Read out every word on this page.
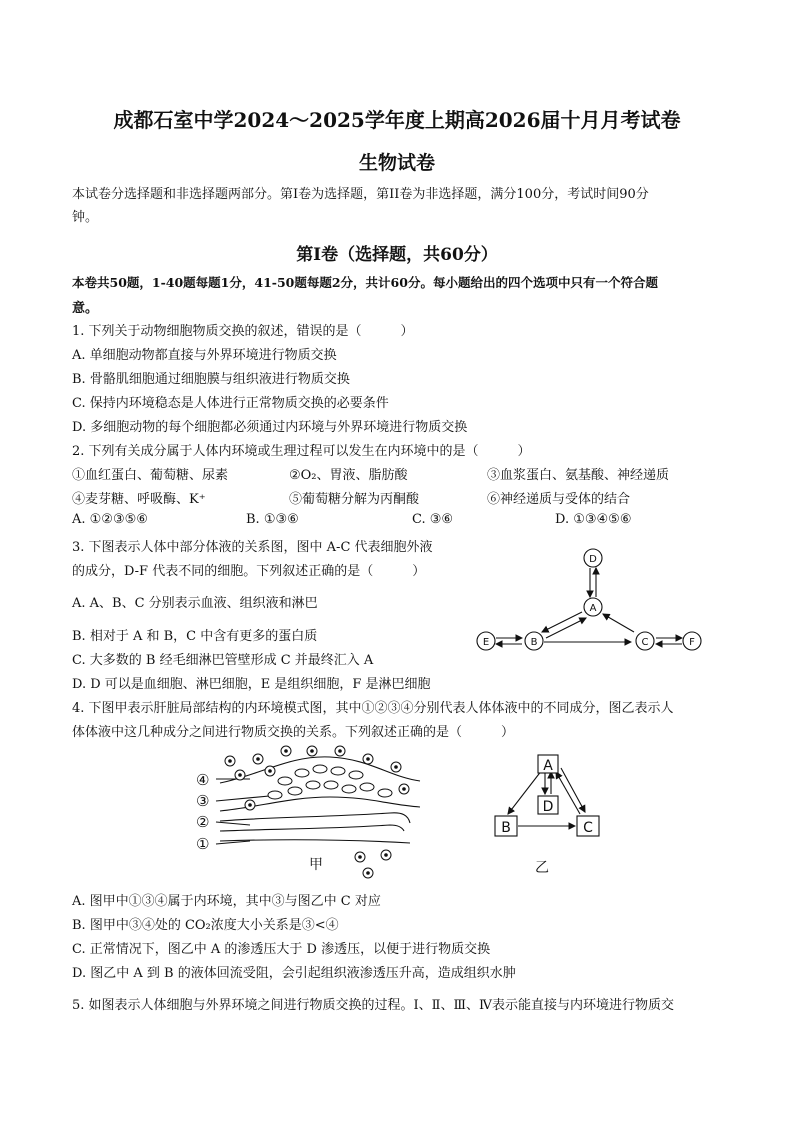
成都石室中学2024～2025学年度上期高2026届十月月考试卷
生物试卷
本试卷分选择题和非选择题两部分。第Ⅰ卷为选择题，第ⅠⅠ卷为非选择题，满分100分，考试时间90分
钟。
第Ⅰ卷（选择题，共60分）
本卷共50题，1-40题每题1分，41-50题每题2分，共计60分。每小题给出的四个选项中只有一个符合题
意。
1. 下列关于动物细胞物质交换的叙述，错误的是（　　　）
A. 单细胞动物都直接与外界环境进行物质交换
B. 骨骼肌细胞通过细胞膜与组织液进行物质交换
C. 保持内环境稳态是人体进行正常物质交换的必要条件
D. 多细胞动物的每个细胞都必须通过内环境与外界环境进行物质交换
2. 下列有关成分属于人体内环境或生理过程可以发生在内环境中的是（　　　）
①血红蛋白、葡萄糖、尿素	②O₂、胃液、脂肪酸	③血浆蛋白、氨基酸、神经递质
④麦芽糖、呼吸酶、K⁺	⑤葡萄糖分解为丙酮酸	⑥神经递质与受体的结合
A. ①②③⑤⑥	B. ①③⑥	C. ③⑥	D. ①③④⑤⑥
3. 下图表示人体中部分体液的关系图，图中 A-C 代表细胞外液
的成分，D-F 代表不同的细胞。下列叙述正确的是（　　　）
A. A、B、C 分别表示血液、组织液和淋巴
B. 相对于 A 和 B，C 中含有更多的蛋白质
C. 大多数的 B 经毛细淋巴管壁形成 C 并最终汇入 A
D. D 可以是血细胞、淋巴细胞，E 是组织细胞，F 是淋巴细胞
D
A
E	B	C	F
4. 下图甲表示肝脏局部结构的内环境模式图，其中①②③④分别代表人体体液中的不同成分，图乙表示人
体体液中这几种成分之间进行物质交换的关系。下列叙述正确的是（　　　）
④
③
②
①
甲
A
D
B	C
乙
A. 图甲中①③④属于内环境，其中③与图乙中 C 对应
B. 图甲中③④处的 CO₂浓度大小关系是③<④
C. 正常情况下，图乙中 A 的渗透压大于 D 渗透压，以便于进行物质交换
D. 图乙中 A 到 B 的液体回流受阻，会引起组织液渗透压升高，造成组织水肿
5. 如图表示人体细胞与外界环境之间进行物质交换的过程。Ⅰ、Ⅱ、Ⅲ、Ⅳ表示能直接与内环境进行物质交
